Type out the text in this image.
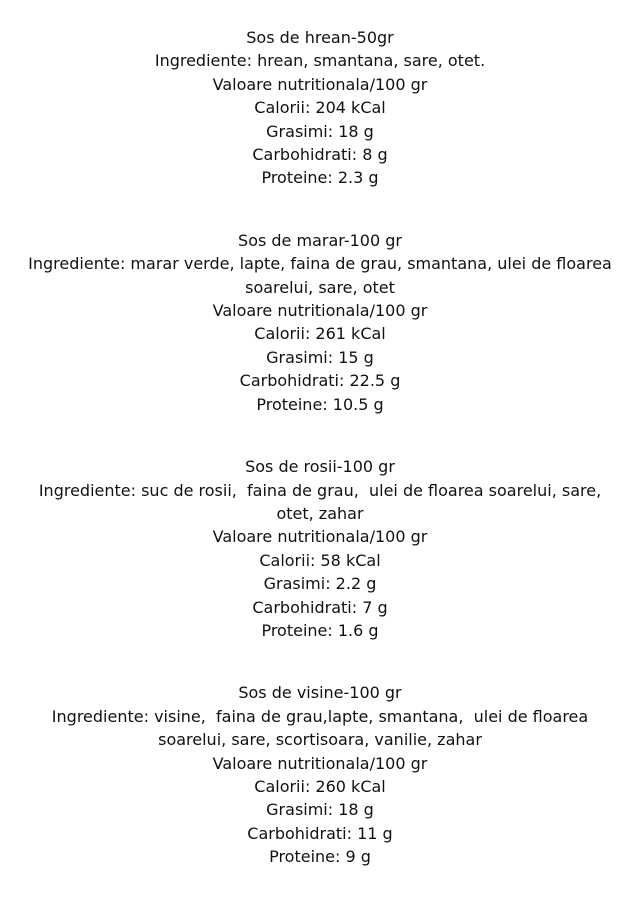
Sos de hrean-50gr

Ingrediente: hrean, smantana, sare, otet.

Valoare nutritionala/100 gr

Calorii: 204 kCal

Grasimi: 18 g

Carbohidrati: 8 g

Proteine: 2.3 g

Sos de marar-100 gr

Ingrediente: marar verde, lapte, faina de grau, smantana, ulei de floarea

soarelui, sare, otet

Valoare nutritionala/100 gr

Calorii: 261 kCal

Grasimi: 15 g

Carbohidrati: 22.5 g

Proteine: 10.5 g

Sos de rosii-100 gr

Ingrediente: suc de rosii,  faina de grau,  ulei de floarea soarelui, sare,

otet, zahar

Valoare nutritionala/100 gr

Calorii: 58 kCal

Grasimi: 2.2 g

Carbohidrati: 7 g

Proteine: 1.6 g

Sos de visine-100 gr

Ingrediente: visine,  faina de grau,lapte, smantana,  ulei de floarea

soarelui, sare, scortisoara, vanilie, zahar

Valoare nutritionala/100 gr

Calorii: 260 kCal

Grasimi: 18 g

Carbohidrati: 11 g

Proteine: 9 g
